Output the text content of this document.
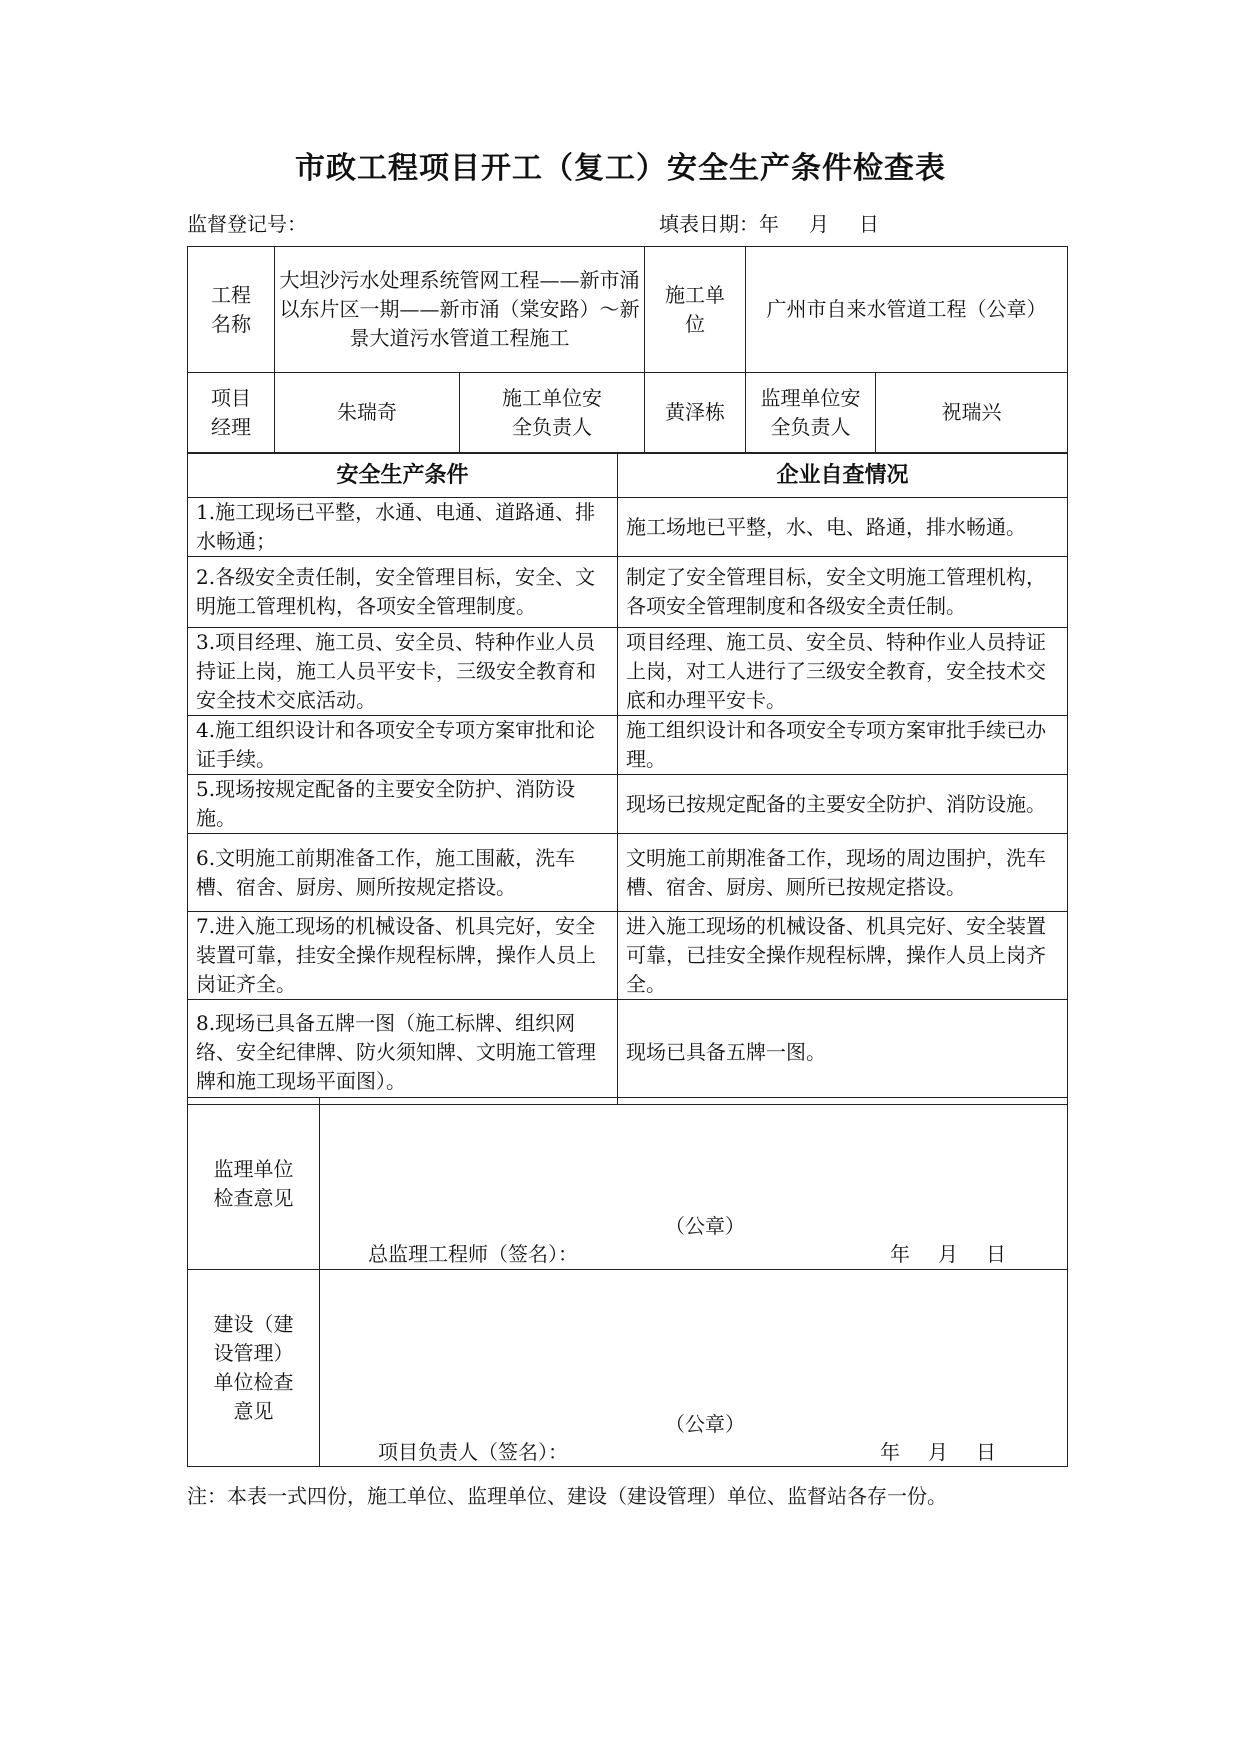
市政工程项目开工（复工）安全生产条件检查表
监督登记号：	填表日期：年 月 日
工程名称	大坦沙污水处理系统管网工程——新市涌以东片区一期——新市涌（棠安路）～新景大道污水管道工程施工		施工单位	广州市自来水管道工程（公章）	

项目经理	朱瑞奇	施工单位安全负责人	黄泽栋	监理单位安全负责人	祝瑞兴
安全生产条件	企业自查情况
1.施工现场已平整，水通、电通、道路通、排水畅通；	施工场地已平整，水、电、路通，排水畅通。
2.各级安全责任制，安全管理目标，安全、文明施工管理机构，各项安全管理制度。	制定了安全管理目标，安全文明施工管理机构，各项安全管理制度和各级安全责任制。
3.项目经理、施工员、安全员、特种作业人员持证上岗，施工人员平安卡，三级安全教育和安全技术交底活动。	项目经理、施工员、安全员、特种作业人员持证上岗，对工人进行了三级安全教育，安全技术交底和办理平安卡。
4.施工组织设计和各项安全专项方案审批和论证手续。	施工组织设计和各项安全专项方案审批手续已办理。
5.现场按规定配备的主要安全防护、消防设施。	现场已按规定配备的主要安全防护、消防设施。
6.文明施工前期准备工作，施工围蔽，洗车槽、宿舍、厨房、厕所按规定搭设。	文明施工前期准备工作，现场的周边围护，洗车槽、宿舍、厨房、厕所已按规定搭设。
7.进入施工现场的机械设备、机具完好，安全装置可靠，挂安全操作规程标牌，操作人员上岗证齐全。	进入施工现场的机械设备、机具完好、安全装置可靠，已挂安全操作规程标牌，操作人员上岗齐全。
8.现场已具备五牌一图（施工标牌、组织网络、安全纪律牌、防火须知牌、文明施工管理牌和施工现场平面图）。	现场已具备五牌一图。
监理单位检查意见	（公章）
总监理工程师（签名）： 年 月 日

建设（建设管理）单位检查意见	（公章）
项目负责人（签名）： 年 月 日
注：本表一式四份，施工单位、监理单位、建设（建设管理）单位、监督站各存一份。
